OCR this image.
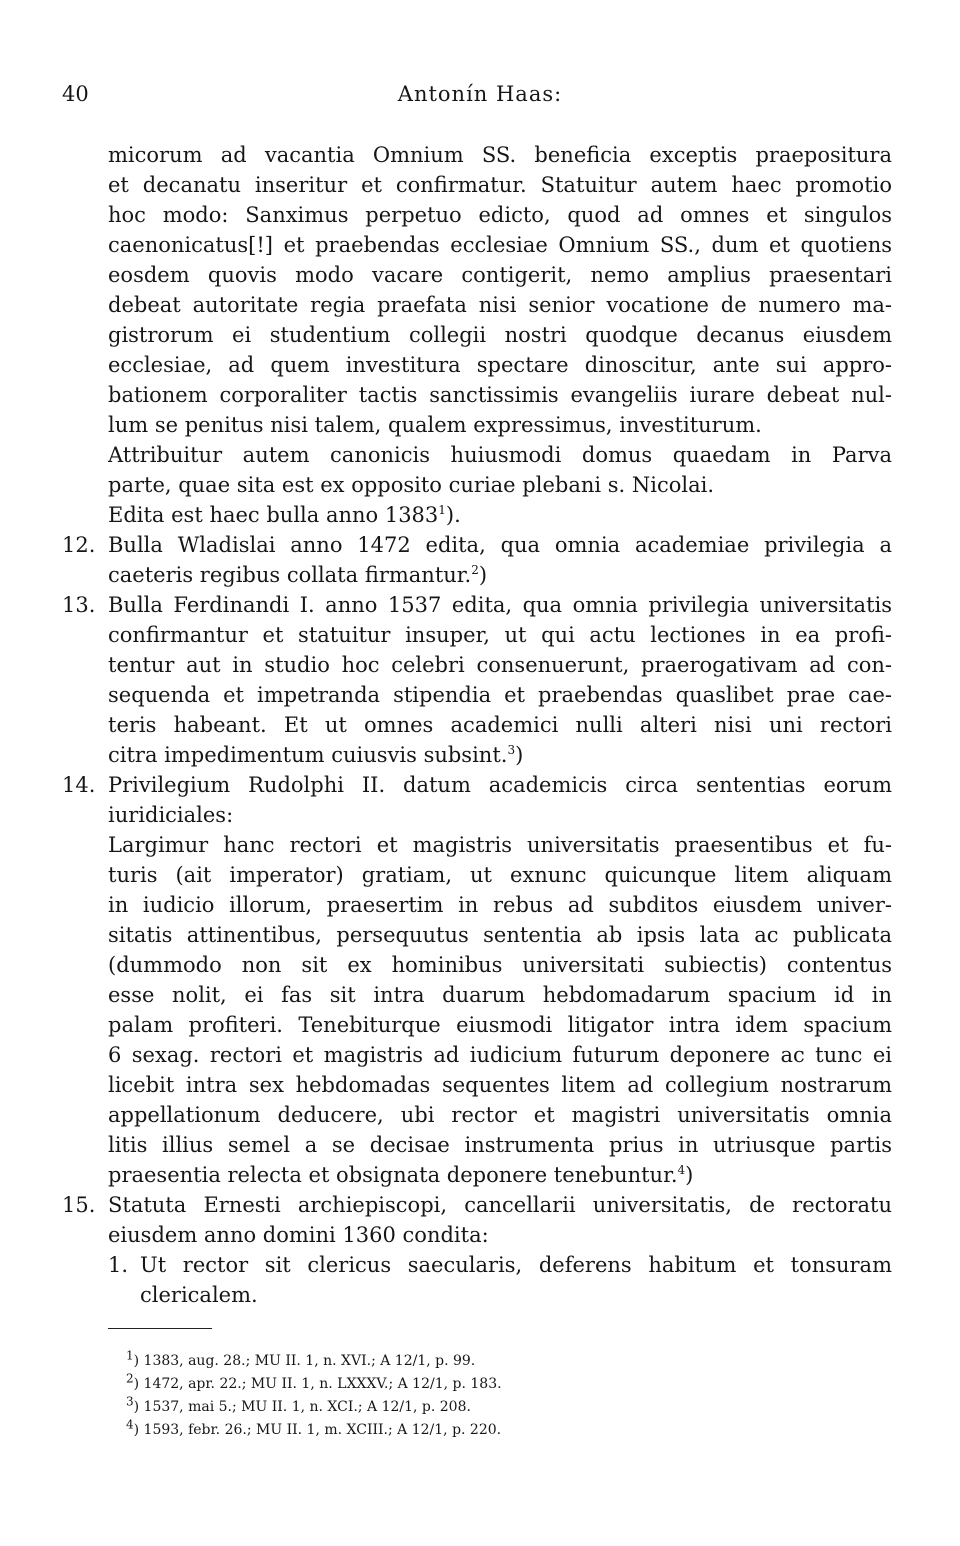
40	Antonín Haas:

micorum ad vacantia Omnium SS. beneficia exceptis praepositura
et decanatu inseritur et confirmatur. Statuitur autem haec promotio
hoc modo: Sanximus perpetuo edicto, quod ad omnes et singulos
caenonicatus[!] et praebendas ecclesiae Omnium SS., dum et quotiens
eosdem quovis modo vacare contigerit, nemo amplius praesentari
debeat autoritate regia praefata nisi senior vocatione de numero ma-
gistrorum ei studentium collegii nostri quodque decanus eiusdem
ecclesiae, ad quem investitura spectare dinoscitur, ante sui appro-
bationem corporaliter tactis sanctissimis evangeliis iurare debeat nul-
lum se penitus nisi talem, qualem expressimus, investiturum.
Attribuitur autem canonicis huiusmodi domus quaedam in Parva
parte, quae sita est ex opposito curiae plebani s. Nicolai.
Edita est haec bulla anno 1383$^1$).

12. Bulla Wladislai anno 1472 edita, qua omnia academiae privilegia a
caeteris regibus collata firmantur.$^2$)
13. Bulla Ferdinandi I. anno 1537 edita, qua omnia privilegia universitatis
confirmantur et statuitur insuper, ut qui actu lectiones in ea profi-
tentur aut in studio hoc celebri consenuerunt, praerogativam ad con-
sequenda et impetranda stipendia et praebendas quaslibet prae cae-
teris habeant. Et ut omnes academici nulli alteri nisi uni rectori
citra impedimentum cuiusvis subsint.$^3$)
14. Privilegium Rudolphi II. datum academicis circa sententias eorum
iuridiciales:
Largimur hanc rectori et magistris universitatis praesentibus et fu-
turis (ait imperator) gratiam, ut exnunc quicunque litem aliquam
in iudicio illorum, praesertim in rebus ad subditos eiusdem univer-
sitatis attinentibus, persequutus sententia ab ipsis lata ac publicata
(dummodo non sit ex hominibus universitati subiectis) contentus
esse nolit, ei fas sit intra duarum hebdomadarum spacium id in
palam profiteri. Tenebiturque eiusmodi litigator intra idem spacium
6 sexag. rectori et magistris ad iudicium futurum deponere ac tunc ei
licebit intra sex hebdomadas sequentes litem ad collegium nostrarum
appellationum deducere, ubi rector et magistri universitatis omnia
litis illius semel a se decisae instrumenta prius in utriusque partis
praesentia relecta et obsignata deponere tenebuntur.$^4$)
15. Statuta Ernesti archiepiscopi, cancellarii universitatis, de rectoratu
eiusdem anno domini 1360 condita:
1. Ut rector sit clericus saecularis, deferens habitum et tonsuram
clericalem.

$^1$) 1383, aug. 28.; MU II. 1, n. XVI.; A 12/1, p. 99.

$^2$) 1472, apr. 22.; MU II. 1, n. LXXXV.; A 12/1, p. 183.

$^3$) 1537, mai 5.; MU II. 1, n. XCI.; A 12/1, p. 208.

$^4$) 1593, febr. 26.; MU II. 1, m. XCIII.; A 12/1, p. 220.
